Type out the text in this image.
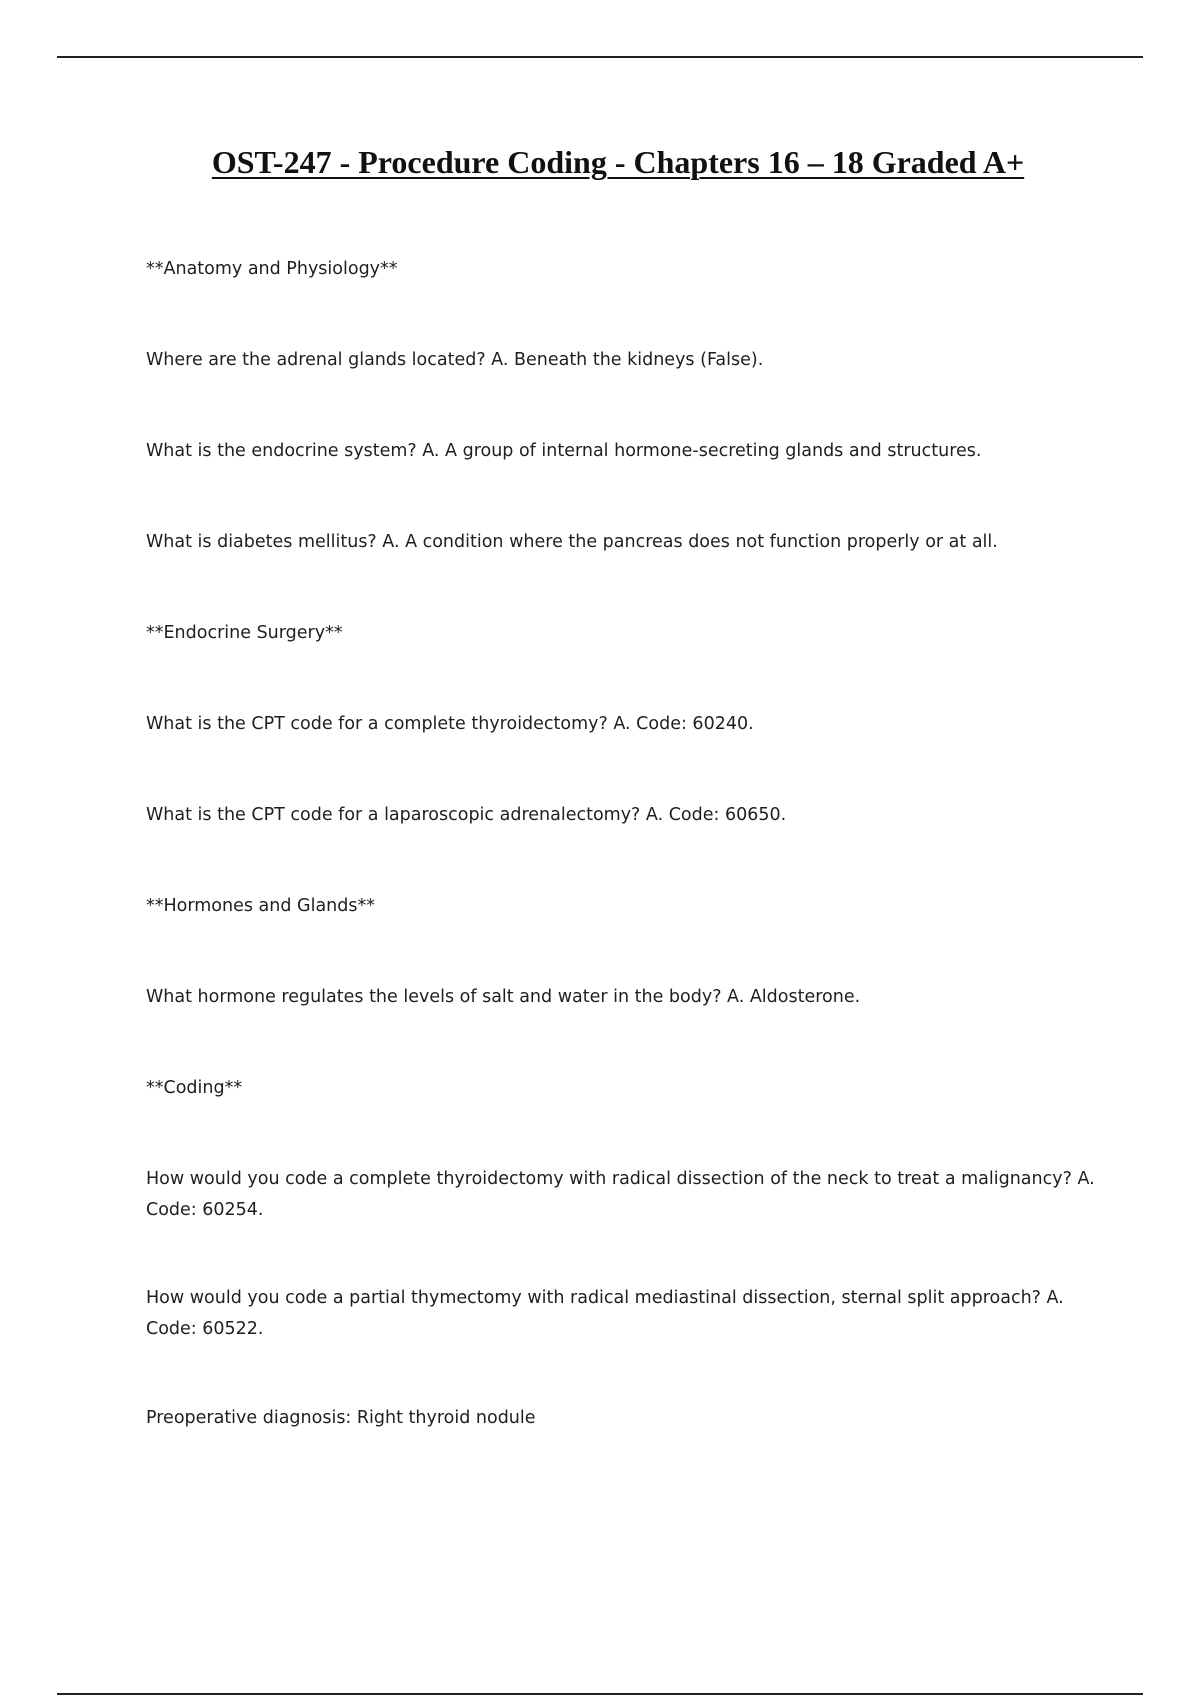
OST-247 - Procedure Coding - Chapters 16 – 18 Graded A+

**Anatomy and Physiology**

Where are the adrenal glands located? A. Beneath the kidneys (False).

What is the endocrine system? A. A group of internal hormone-secreting glands and structures.

What is diabetes mellitus? A. A condition where the pancreas does not function properly or at all.

**Endocrine Surgery**

What is the CPT code for a complete thyroidectomy? A. Code: 60240.

What is the CPT code for a laparoscopic adrenalectomy? A. Code: 60650.

**Hormones and Glands**

What hormone regulates the levels of salt and water in the body? A. Aldosterone.

**Coding**

How would you code a complete thyroidectomy with radical dissection of the neck to treat a malignancy? A. Code: 60254.

How would you code a partial thymectomy with radical mediastinal dissection, sternal split approach? A. Code: 60522.

Preoperative diagnosis: Right thyroid nodule
